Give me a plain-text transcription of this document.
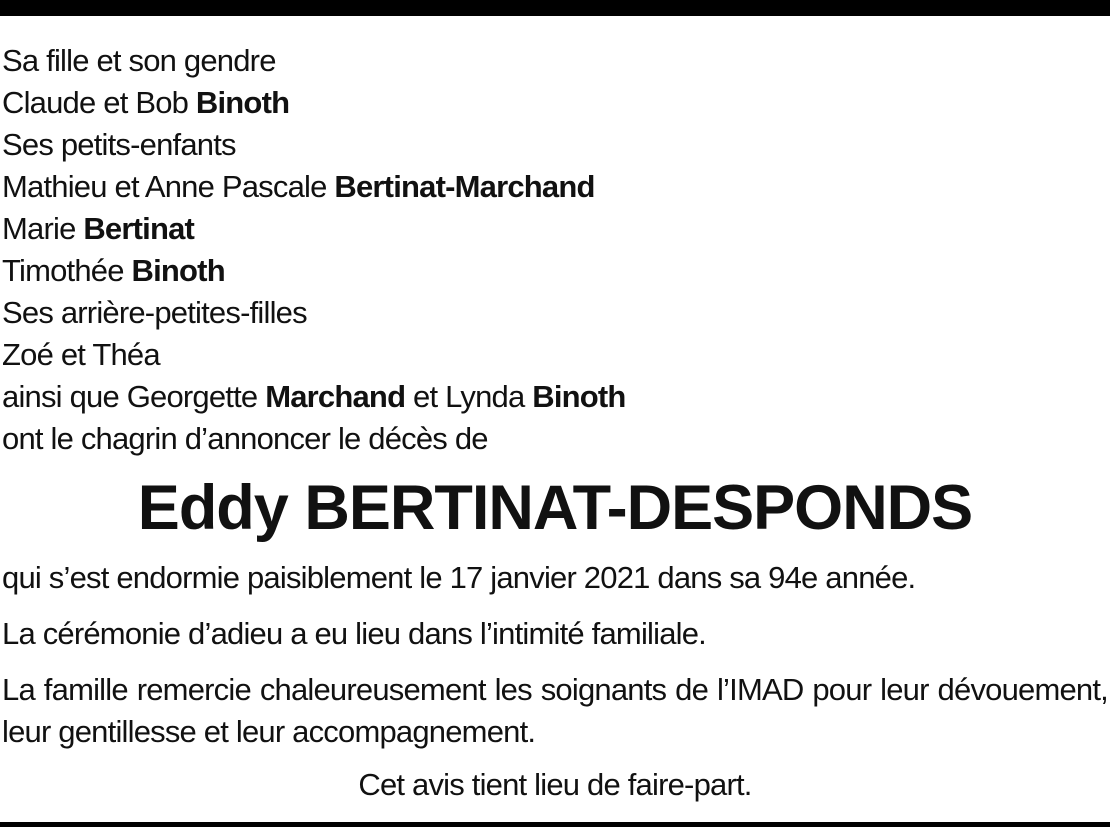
Sa fille et son gendre
Claude et Bob Binoth
Ses petits-enfants
Mathieu et Anne Pascale Bertinat-Marchand
Marie Bertinat
Timothée Binoth
Ses arrière-petites-filles
Zoé et Théa
ainsi que Georgette Marchand et Lynda Binoth
ont le chagrin d’annoncer le décès de
Eddy BERTINAT-DESPONDS
qui s’est endormie paisiblement le 17 janvier 2021 dans sa 94e année.
La cérémonie d’adieu a eu lieu dans l’intimité familiale.
La famille remercie chaleureusement les soignants de l’IMAD pour leur dévouement, leur gentillesse et leur accompagnement.
Cet avis tient lieu de faire-part.
